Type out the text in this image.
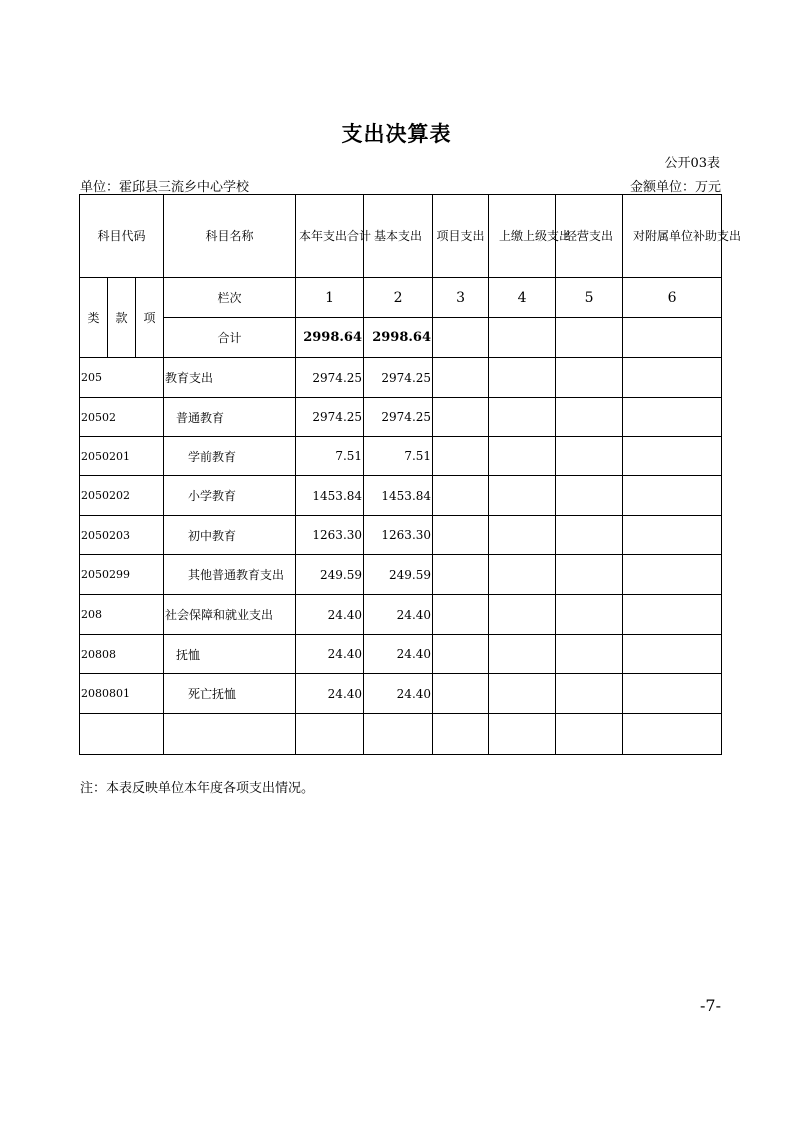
支出决算表
公开03表
单位：霍邱县三流乡中心学校	金额单位：万元
科目代码			科目名称	本年支出合计	基本支出	项目支出	上缴上级支出	经营支出	对附属单位补助支出
类	款	项	栏次	1	2	3	4	5	6
			合计	2998.64	2998.64				
205			教育支出	2974.25	2974.25				
20502			普通教育	2974.25	2974.25				
2050201			学前教育	7.51	7.51				
2050202			小学教育	1453.84	1453.84				
2050203			初中教育	1263.30	1263.30				
2050299			其他普通教育支出	249.59	249.59				
208			社会保障和就业支出	24.40	24.40				
20808			抚恤	24.40	24.40				
2080801			死亡抚恤	24.40	24.40				

注：本表反映单位本年度各项支出情况。
-7-
